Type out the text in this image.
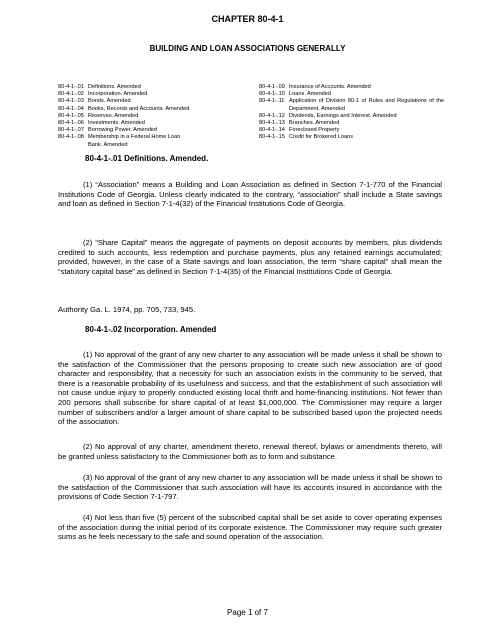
CHAPTER 80-4-1
BUILDING AND LOAN ASSOCIATIONS GENERALLY
80-4-1-.01 Definitions. Amended
80-4-1-.02 Incorporation. Amended
80-4-1-.03 Bonds. Amended
80-4-1-.04 Books, Records and Accounts. Amended
80-4-1-.05 Reserves. Amended
80-4-1-.06 Investments. Amended
80-4-1-.07 Borrowing Power. Amended
80-4-1-.08 Membership in a Federal Home Loan Bank. Amended
80-4-1-.09 Insurance of Accounts. Amended
80-4-1-.10 Loans. Amended
80-4-1-.11 Application of Division 80-1 of Rules and Regulations of the Department. Amended
80-4-1-.12 Dividends, Earnings and Interest. Amended
80-4-1-.13 Branches. Amended
80-4-1-.14 Foreclosed Property
80-4-1-.15 Credit for Brokered Loans
80-4-1-.01 Definitions. Amended.

(1) “Association” means a Building and Loan Association as defined in Section 7-1-770 of the Financial Institutions Code of Georgia. Unless clearly indicated to the contrary, “association” shall include a State savings and loan as defined in Section 7-1-4(32) of the Financial Institutions Code of Georgia.

(2) “Share Capital” means the aggregate of payments on deposit accounts by members, plus dividends credited to such accounts, less redemption and purchase payments, plus any retained earnings accumulated; provided, however, in the case of a State savings and loan association, the term “share capital” shall mean the “statutory capital base” as defined in Section 7-1-4(35) of the Financial Institutions Code of Georgia.

Authority Ga. L. 1974, pp. 705, 733, 945.

80-4-1-.02 Incorporation. Amended

(1) No approval of the grant of any new charter to any association will be made unless it shall be shown to the satisfaction of the Commissioner that the persons proposing to create such new association are of good character and responsibility, that a necessity for such an association exists in the community to be served, that there is a reasonable probability of its usefulness and success, and that the establishment of such association will not cause undue injury to properly conducted existing local thrift and home-financing institutions. Not fewer than 200 persons shall subscribe for share capital of at least $1,000,000. The Commissioner may require a larger number of subscribers and/or a larger amount of share capital to be subscribed based upon the projected needs of the association.

(2) No approval of any charter, amendment thereto, renewal thereof, bylaws or amendments thereto, will be granted unless satisfactory to the Commissioner both as to form and substance.

(3) No approval of the grant of any new charter to any association will be made unless it shall be shown to the satisfaction of the Commissioner that such association will have its accounts insured in accordance with the provisions of Code Section 7-1-797.

(4) Not less than five (5) percent of the subscribed capital shall be set aside to cover operating expenses of the association during the initial period of its corporate existence. The Commissioner may require such greater sums as he feels necessary to the safe and sound operation of the association.

Page 1 of 7
